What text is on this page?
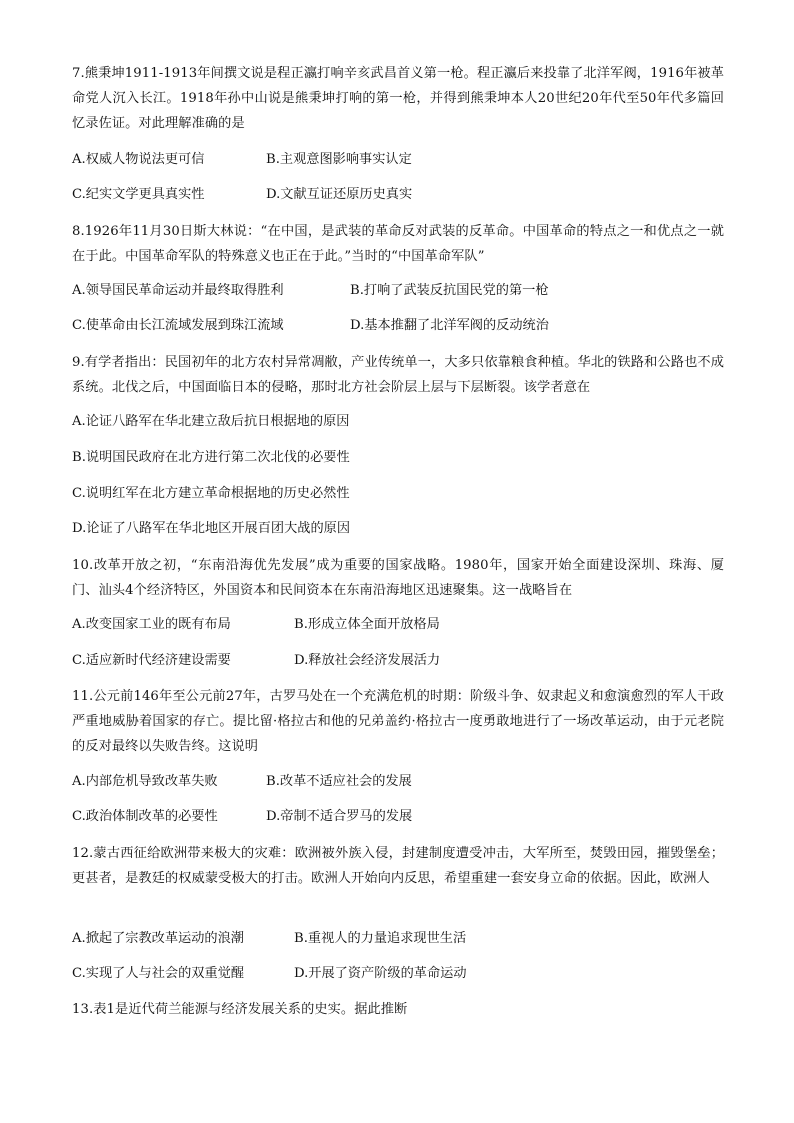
7.熊秉坤1911-1913年间撰文说是程正瀛打响辛亥武昌首义第一枪。程正瀛后来投靠了北洋军阀，1916年被革命党人沉入长江。1918年孙中山说是熊秉坤打响的第一枪，并得到熊秉坤本人20世纪20年代至50年代多篇回忆录佐证。对此理解准确的是
A.权威人物说法更可信	B.主观意图影响事实认定
C.纪实文学更具真实性	D.文献互证还原历史真实
8.1926年11月30日斯大林说：“在中国，是武装的革命反对武装的反革命。中国革命的特点之一和优点之一就在于此。中国革命军队的特殊意义也正在于此。”当时的“中国革命军队”
A.领导国民革命运动并最终取得胜利	B.打响了武装反抗国民党的第一枪
C.使革命由长江流域发展到珠江流域	D.基本推翻了北洋军阀的反动统治
9.有学者指出：民国初年的北方农村异常凋敝，产业传统单一，大多只依靠粮食种植。华北的铁路和公路也不成系统。北伐之后，中国面临日本的侵略，那时北方社会阶层上层与下层断裂。该学者意在
A.论证八路军在华北建立敌后抗日根据地的原因
B.说明国民政府在北方进行第二次北伐的必要性
C.说明红军在北方建立革命根据地的历史必然性
D.论证了八路军在华北地区开展百团大战的原因
10.改革开放之初，“东南沿海优先发展”成为重要的国家战略。1980年，国家开始全面建设深圳、珠海、厦门、汕头4个经济特区，外国资本和民间资本在东南沿海地区迅速聚集。这一战略旨在
A.改变国家工业的既有布局	B.形成立体全面开放格局
C.适应新时代经济建设需要	D.释放社会经济发展活力
11.公元前146年至公元前27年，古罗马处在一个充满危机的时期：阶级斗争、奴隶起义和愈演愈烈的军人干政严重地威胁着国家的存亡。提比留·格拉古和他的兄弟盖约·格拉古一度勇敢地进行了一场改革运动，由于元老院的反对最终以失败告终。这说明
A.内部危机导致改革失败	B.改革不适应社会的发展
C.政治体制改革的必要性	D.帝制不适合罗马的发展
12.蒙古西征给欧洲带来极大的灾难：欧洲被外族入侵，封建制度遭受冲击，大军所至，焚毁田园，摧毁堡垒；更甚者，是教廷的权威蒙受极大的打击。欧洲人开始向内反思，希望重建一套安身立命的依据。因此，欧洲人
A.掀起了宗教改革运动的浪潮	B.重视人的力量追求现世生活
C.实现了人与社会的双重觉醒	D.开展了资产阶级的革命运动
13.表1是近代荷兰能源与经济发展关系的史实。据此推断
